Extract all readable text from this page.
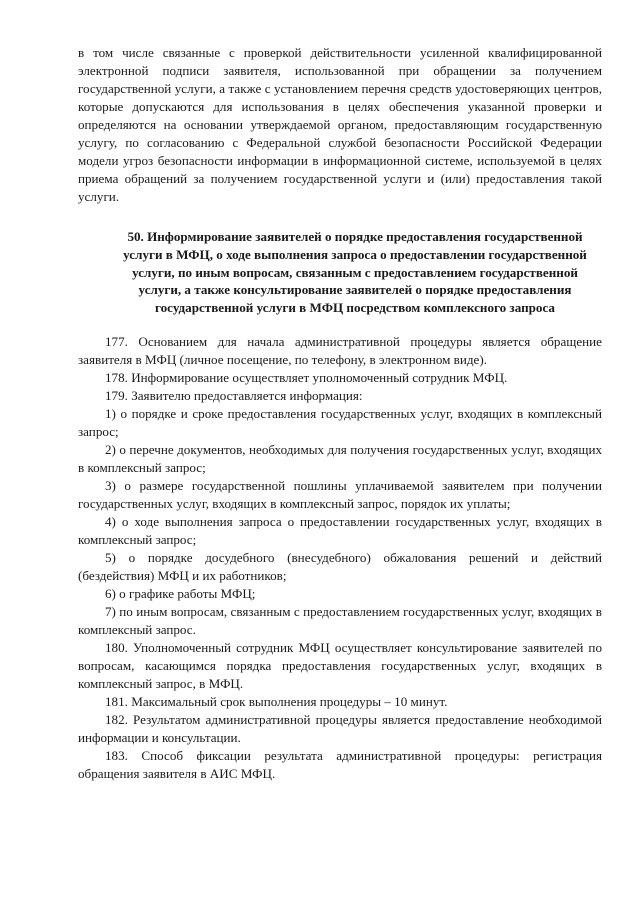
в том числе связанные с проверкой действительности усиленной квалифицированной электронной подписи заявителя, использованной при обращении за получением государственной услуги, а также с установлением перечня средств удостоверяющих центров, которые допускаются для использования в целях обеспечения указанной проверки и определяются на основании утверждаемой органом, предоставляющим государственную услугу, по согласованию с Федеральной службой безопасности Российской Федерации модели угроз безопасности информации в информационной системе, используемой в целях приема обращений за получением государственной услуги и (или) предоставления такой услуги.

50. Информирование заявителей о порядке предоставления государственной услуги в МФЦ, о ходе выполнения запроса о предоставлении государственной услуги, по иным вопросам, связанным с предоставлением государственной услуги, а также консультирование заявителей о порядке предоставления государственной услуги в МФЦ посредством комплексного запроса

177. Основанием для начала административной процедуры является обращение заявителя в МФЦ (личное посещение, по телефону, в электронном виде).

178. Информирование осуществляет уполномоченный сотрудник МФЦ.

179. Заявителю предоставляется информация:

1) о порядке и сроке предоставления государственных услуг, входящих в комплексный запрос;

2) о перечне документов, необходимых для получения государственных услуг, входящих в комплексный запрос;

3) о размере государственной пошлины уплачиваемой заявителем при получении государственных услуг, входящих в комплексный запрос, порядок их уплаты;

4) о ходе выполнения запроса о предоставлении государственных услуг, входящих в комплексный запрос;

5) о порядке досудебного (внесудебного) обжалования решений и действий (бездействия) МФЦ и их работников;

6) о графике работы МФЦ;

7) по иным вопросам, связанным с предоставлением государственных услуг, входящих в комплексный запрос.

180. Уполномоченный сотрудник МФЦ осуществляет консультирование заявителей по вопросам, касающимся порядка предоставления государственных услуг, входящих в комплексный запрос, в МФЦ.

181. Максимальный срок выполнения процедуры – 10 минут.

182. Результатом административной процедуры является предоставление необходимой информации и консультации.

183. Способ фиксации результата административной процедуры: регистрация обращения заявителя в АИС МФЦ.
